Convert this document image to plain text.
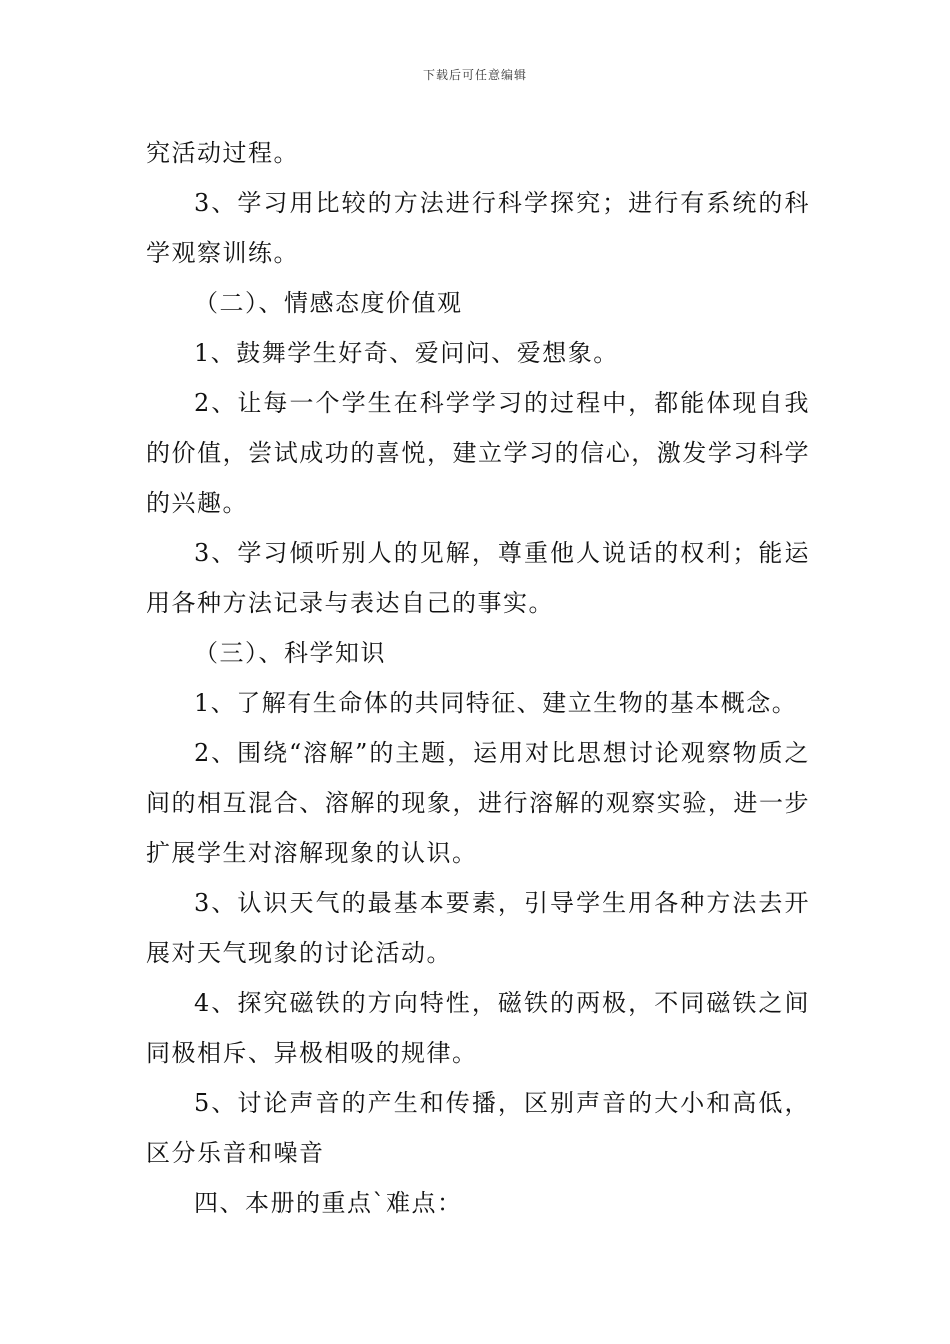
下载后可任意编辑

究活动过程。

3、学习用比较的方法进行科学探究；进行有系统的科学观察训练。

（二）、情感态度价值观

1、鼓舞学生好奇、爱问问、爱想象。

2、让每一个学生在科学学习的过程中，都能体现自我的价值，尝试成功的喜悦，建立学习的信心，激发学习科学的兴趣。

3、学习倾听别人的见解，尊重他人说话的权利；能运用各种方法记录与表达自己的事实。

（三）、科学知识

1、了解有生命体的共同特征、建立生物的基本概念。

2、围绕“溶解”的主题，运用对比思想讨论观察物质之间的相互混合、溶解的现象，进行溶解的观察实验，进一步扩展学生对溶解现象的认识。

3、认识天气的最基本要素，引导学生用各种方法去开展对天气现象的讨论活动。

4、探究磁铁的方向特性，磁铁的两极，不同磁铁之间同极相斥、异极相吸的规律。

5、讨论声音的产生和传播，区别声音的大小和高低，区分乐音和噪音

四、本册的重点`难点：
